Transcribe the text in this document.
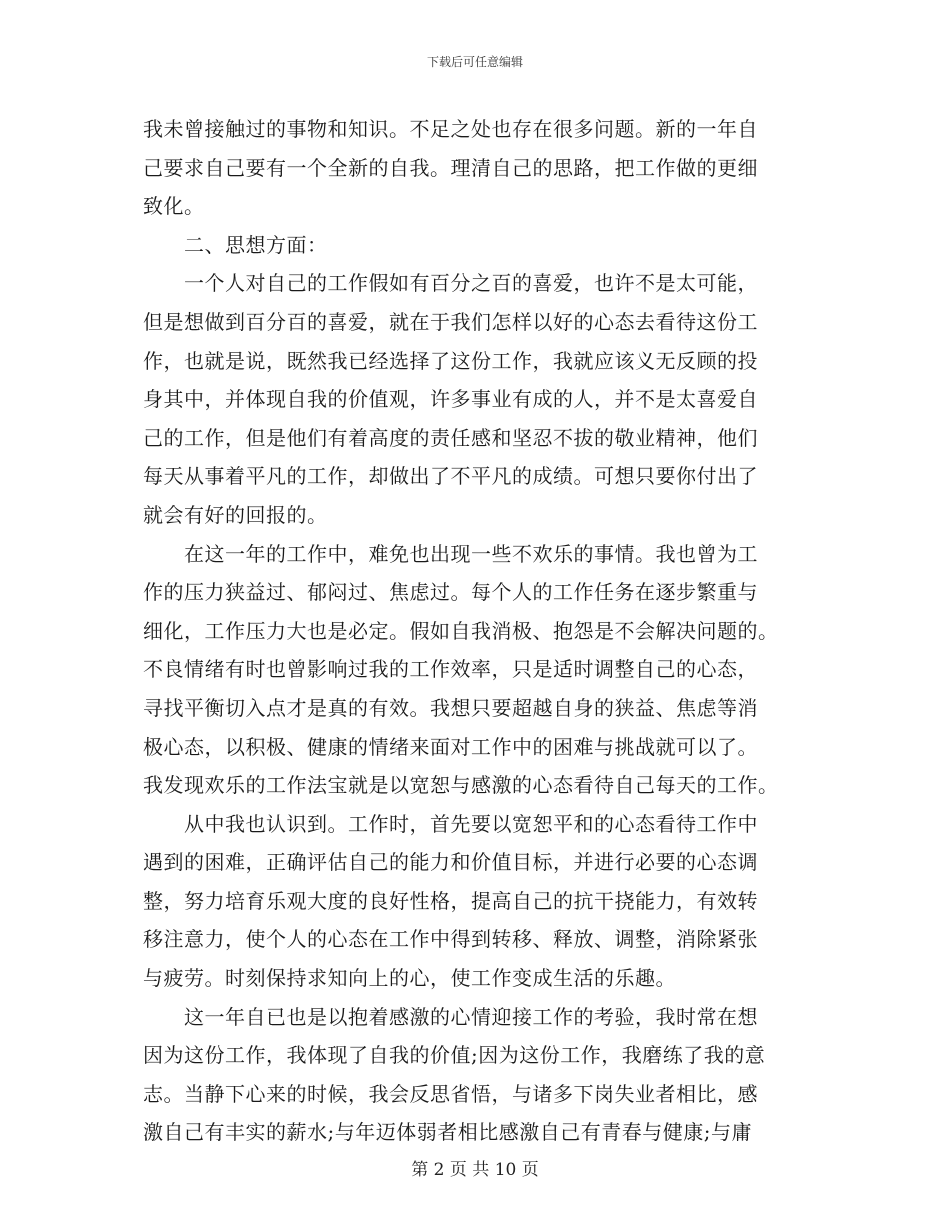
下载后可任意编辑
我未曾接触过的事物和知识。不足之处也存在很多问题。新的一年自
己要求自己要有一个全新的自我。理清自己的思路，把工作做的更细
致化。
二、思想方面：
一个人对自己的工作假如有百分之百的喜爱，也许不是太可能，
但是想做到百分百的喜爱，就在于我们怎样以好的心态去看待这份工
作，也就是说，既然我已经选择了这份工作，我就应该义无反顾的投
身其中，并体现自我的价值观，许多事业有成的人，并不是太喜爱自
己的工作，但是他们有着高度的责任感和坚忍不拔的敬业精神，他们
每天从事着平凡的工作，却做出了不平凡的成绩。可想只要你付出了
就会有好的回报的。
在这一年的工作中，难免也出现一些不欢乐的事情。我也曾为工
作的压力狭益过、郁闷过、焦虑过。每个人的工作任务在逐步繁重与
细化，工作压力大也是必定。假如自我消极、抱怨是不会解决问题的。
不良情绪有时也曾影响过我的工作效率，只是适时调整自己的心态，
寻找平衡切入点才是真的有效。我想只要超越自身的狭益、焦虑等消
极心态，以积极、健康的情绪来面对工作中的困难与挑战就可以了。
我发现欢乐的工作法宝就是以宽恕与感激的心态看待自己每天的工作。
从中我也认识到。工作时，首先要以宽恕平和的心态看待工作中
遇到的困难，正确评估自己的能力和价值目标，并进行必要的心态调
整，努力培育乐观大度的良好性格，提高自己的抗干挠能力，有效转
移注意力，使个人的心态在工作中得到转移、释放、调整，消除紧张
与疲劳。时刻保持求知向上的心，使工作变成生活的乐趣。
这一年自已也是以抱着感激的心情迎接工作的考验，我时常在想
因为这份工作，我体现了自我的价值;因为这份工作，我磨练了我的意
志。当静下心来的时候，我会反思省悟，与诸多下岗失业者相比，感
激自己有丰实的薪水;与年迈体弱者相比感激自己有青春与健康;与庸
第 2 页 共 10 页
